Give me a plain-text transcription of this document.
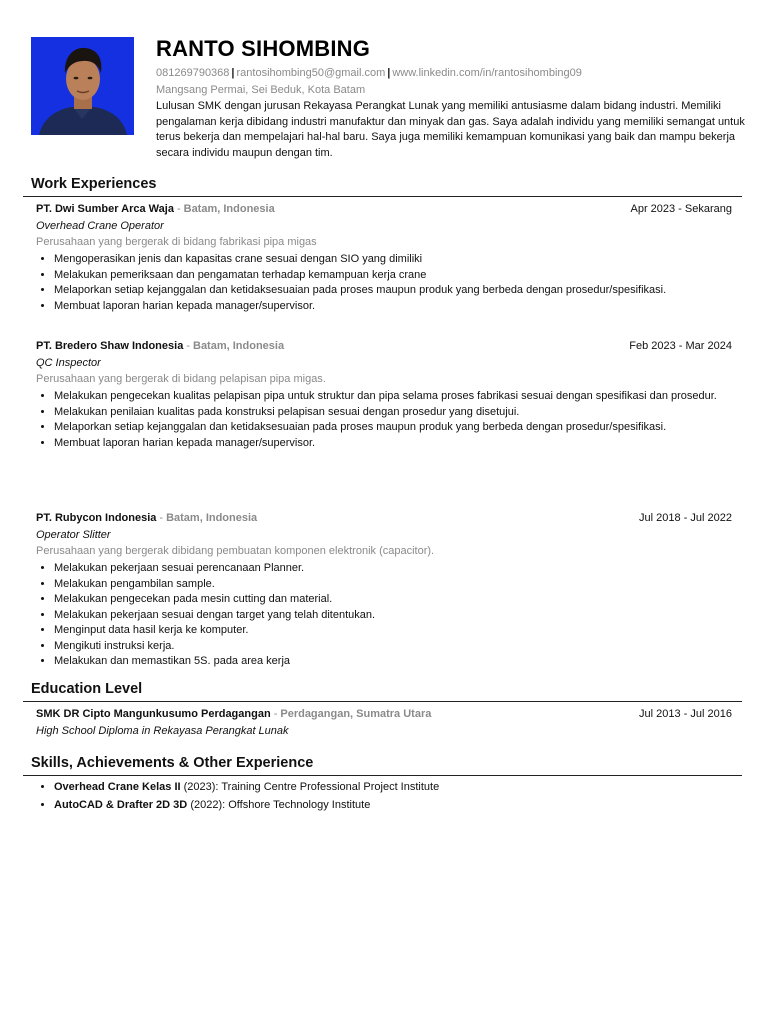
RANTO SIHOMBING
081269790368 | rantosihombing50@gmail.com | www.linkedin.com/in/rantosihombing09
Mangsang Permai, Sei Beduk, Kota Batam
Lulusan SMK dengan jurusan Rekayasa Perangkat Lunak yang memiliki antusiasme dalam bidang industri. Memiliki pengalaman kerja dibidang industri manufaktur dan minyak dan gas. Saya adalah individu yang memiliki semangat untuk terus bekerja dan mempelajari hal-hal baru. Saya juga memiliki kemampuan komunikasi yang baik dan mampu bekerja secara individu maupun dengan tim.
Work Experiences
PT. Dwi Sumber Arca Waja - Batam, Indonesia	Apr 2023 - Sekarang
Overhead Crane Operator
Perusahaan yang bergerak di bidang fabrikasi pipa migas
• Mengoperasikan jenis dan kapasitas crane sesuai dengan SIO yang dimiliki
• Melakukan pemeriksaan dan pengamatan terhadap kemampuan kerja crane
• Melaporkan setiap kejanggalan dan ketidaksesuaian pada proses maupun produk yang berbeda dengan prosedur/spesifikasi.
• Membuat laporan harian kepada manager/supervisor.
PT. Bredero Shaw Indonesia - Batam, Indonesia	Feb 2023 - Mar 2024
QC Inspector
Perusahaan yang bergerak di bidang pelapisan pipa migas.
• Melakukan pengecekan kualitas pelapisan pipa untuk struktur dan pipa selama proses fabrikasi sesuai dengan spesifikasi dan prosedur.
• Melakukan penilaian kualitas pada konstruksi pelapisan sesuai dengan prosedur yang disetujui.
• Melaporkan setiap kejanggalan dan ketidaksesuaian pada proses maupun produk yang berbeda dengan prosedur/spesifikasi.
• Membuat laporan harian kepada manager/supervisor.
PT. Rubycon Indonesia - Batam, Indonesia	Jul 2018 - Jul 2022
Operator Slitter
Perusahaan yang bergerak dibidang pembuatan komponen elektronik (capacitor).
• Melakukan pekerjaan sesuai perencanaan Planner.
• Melakukan pengambilan sample.
• Melakukan pengecekan pada mesin cutting dan material.
• Melakukan pekerjaan sesuai dengan target yang telah ditentukan.
• Menginput data hasil kerja ke komputer.
• Mengikuti instruksi kerja.
• Melakukan dan memastikan 5S. pada area kerja
Education Level
SMK DR Cipto Mangunkusumo Perdagangan - Perdagangan, Sumatra Utara	Jul 2013 - Jul 2016
High School Diploma in Rekayasa Perangkat Lunak
Skills, Achievements & Other Experience
• Overhead Crane Kelas II (2023): Training Centre Professional Project Institute
• AutoCAD & Drafter 2D 3D (2022): Offshore Technology Institute
